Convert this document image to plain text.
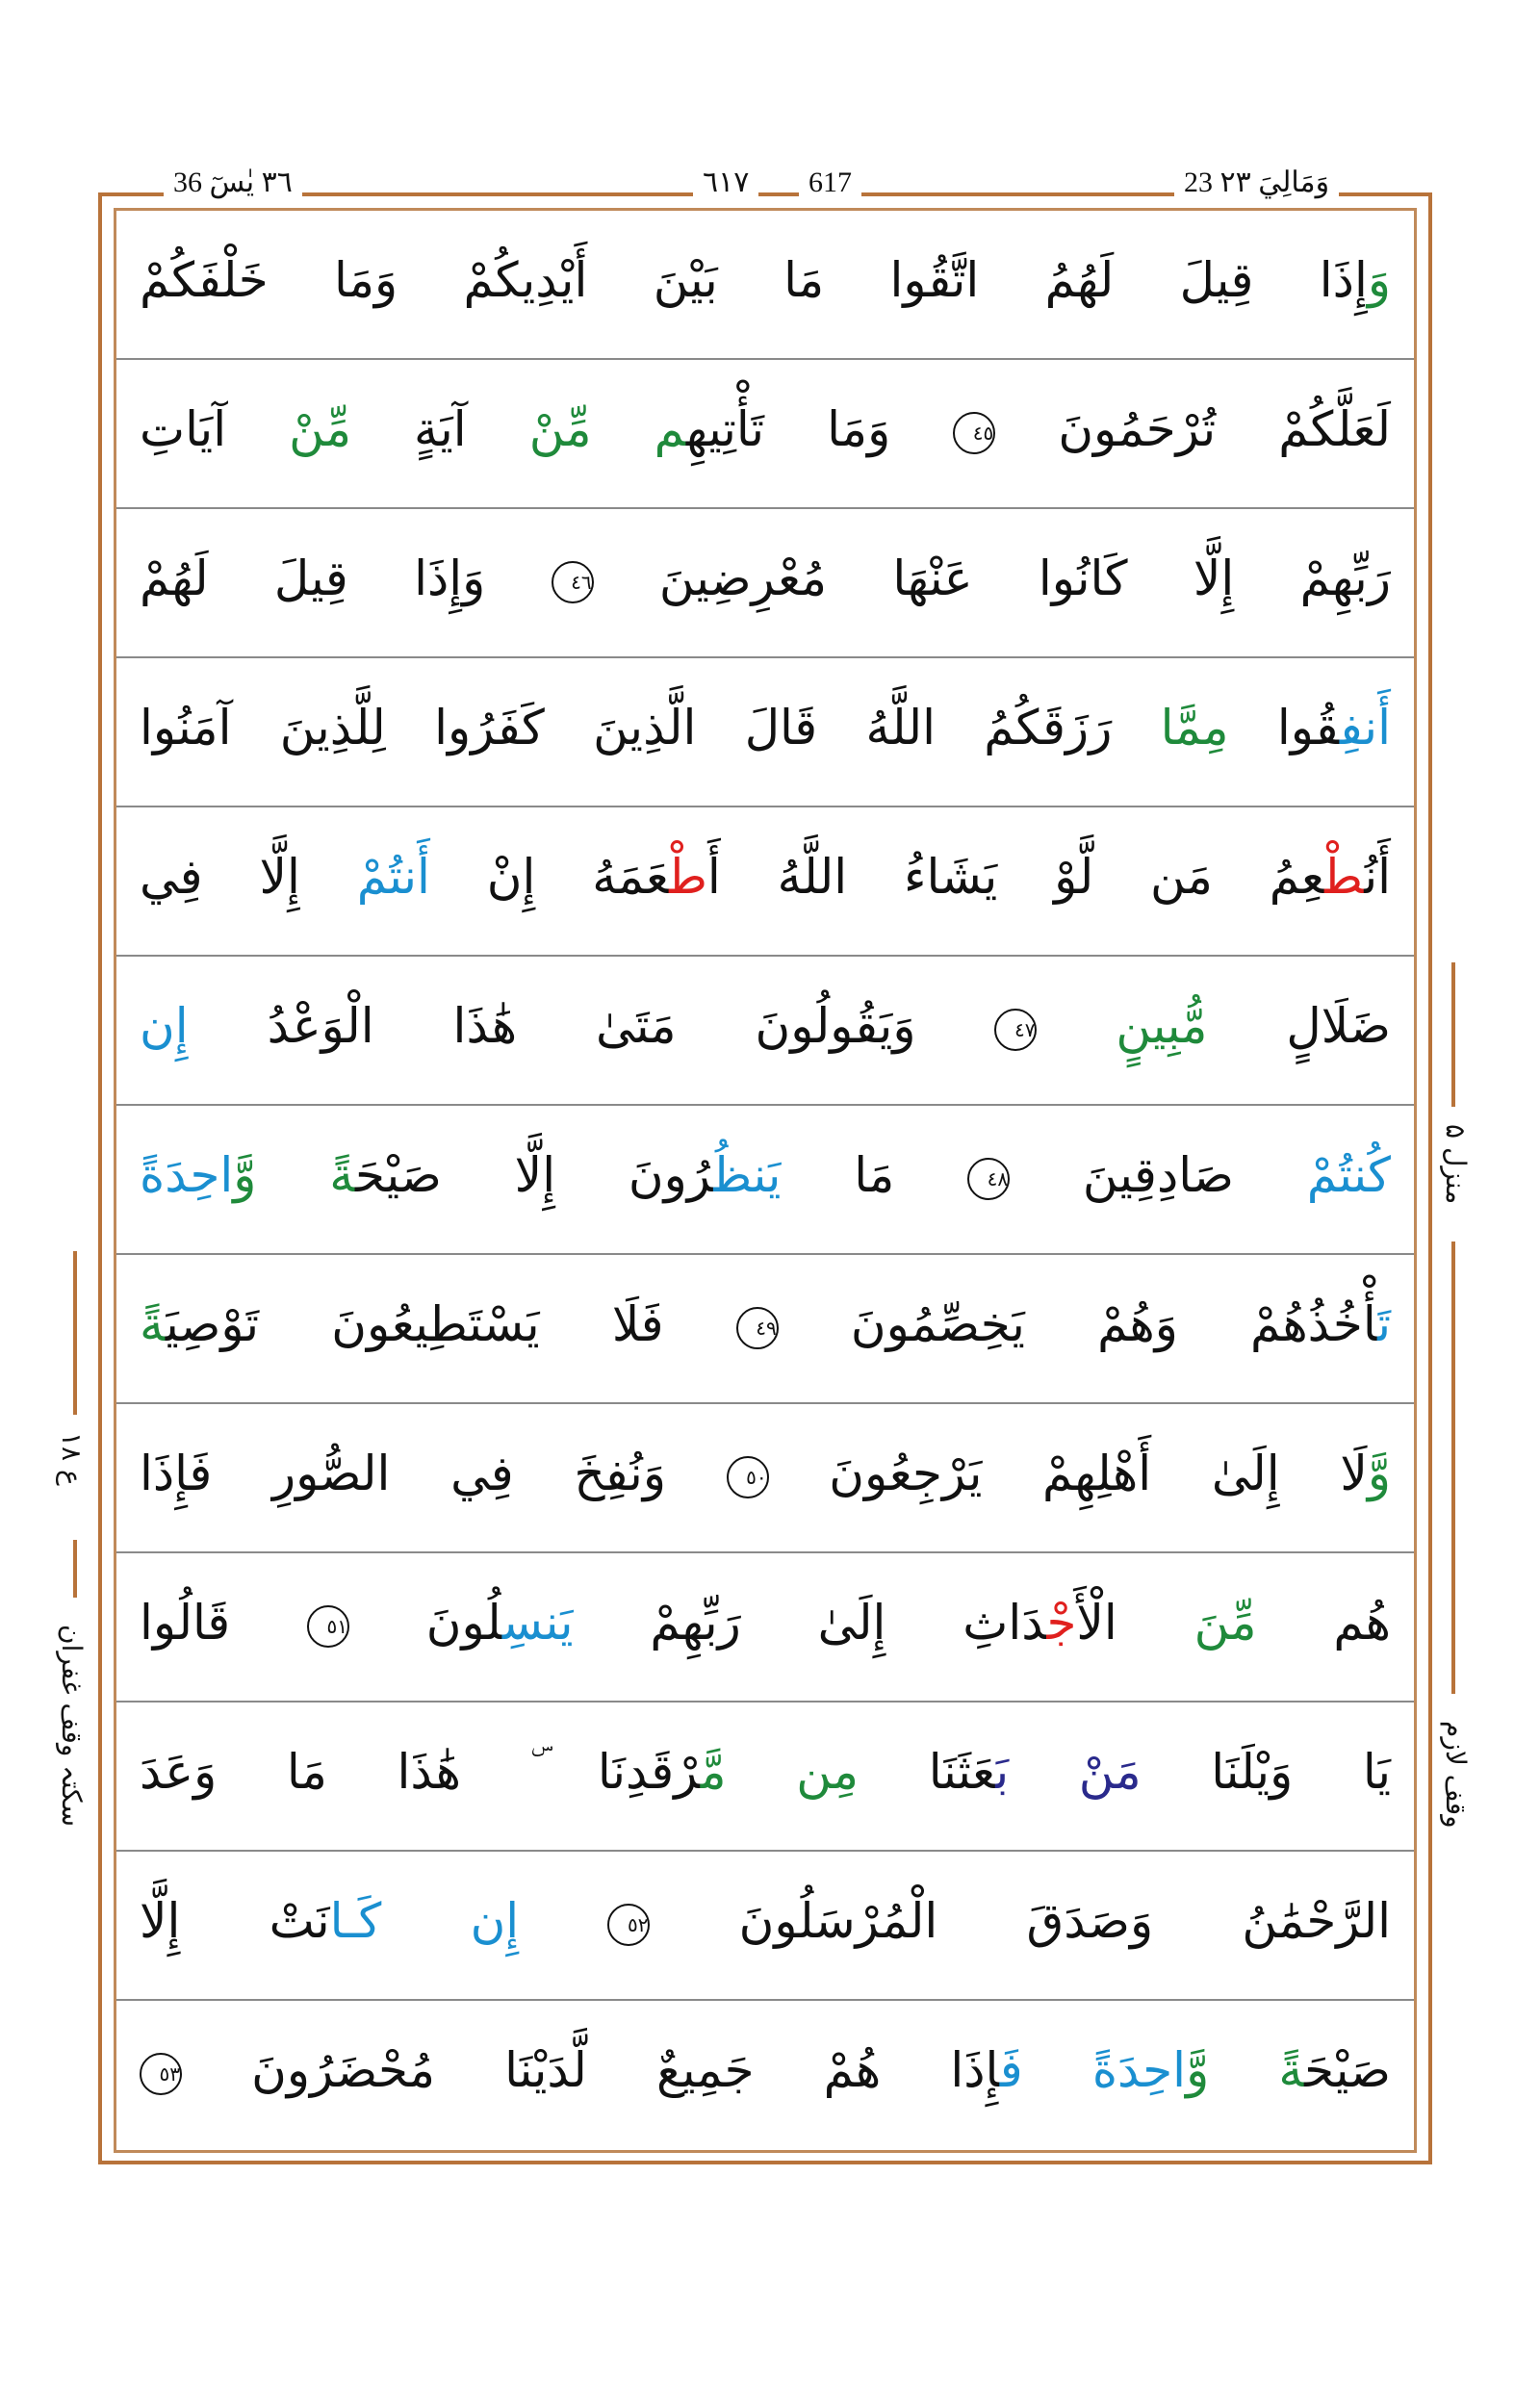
٣٦ يٰسٓ 36	٦١٧	617	23 وَمَالِيَ ٢٣
وَإِذَا قِيلَ لَهُمُ اتَّقُوا مَا بَيْنَ أَيْدِيكُمْ وَمَا خَلْفَكُمْ
لَعَلَّكُمْ تُرْحَمُونَ ٤٥ وَمَا تَأْتِيهِم مِّنْ آيَةٍ مِّنْ آيَاتِ
رَبِّهِمْ إِلَّا كَانُوا عَنْهَا مُعْرِضِينَ ٤٦ وَإِذَا قِيلَ لَهُمْ
أَنفِقُوا مِمَّا رَزَقَكُمُ اللَّهُ قَالَ الَّذِينَ كَفَرُوا لِلَّذِينَ آمَنُوا
أَنُطْعِمُ مَن لَّوْ يَشَاءُ اللَّهُ أَطْعَمَهُ إِنْ أَنتُمْ إِلَّا فِي
ضَلَالٍ مُّبِينٍ ٤٧ وَيَقُولُونَ مَتَىٰ هَٰذَا الْوَعْدُ إِن
كُنتُمْ صَادِقِينَ ٤٨ مَا يَنظُرُونَ إِلَّا صَيْحَةً وَّاحِدَةً
تَأْخُذُهُمْ وَهُمْ يَخِصِّمُونَ ٤٩ فَلَا يَسْتَطِيعُونَ تَوْصِيَةً
وَّلَا إِلَىٰ أَهْلِهِمْ يَرْجِعُونَ ٥٠ وَنُفِخَ فِي الصُّورِ فَإِذَا
هُم مِّنَ الْأَجْدَاثِ إِلَىٰ رَبِّهِمْ يَنسِلُونَ ٥١ قَالُوا
يَا وَيْلَنَا مَنْ بَعَثَنَا مِن مَّرْقَدِنَا ۜ هَٰذَا مَا وَعَدَ
الرَّحْمَٰنُ وَصَدَقَ الْمُرْسَلُونَ ٥٢ إِن كَـانَتْ إِلَّا
صَيْحَةً وَّاحِدَةً فَإِذَا هُمْ جَمِيعٌ لَّدَيْنَا مُحْضَرُونَ ٥٣
منزل ۵
وقف لازم
ع ١٨
سکتہ وقف غفران
